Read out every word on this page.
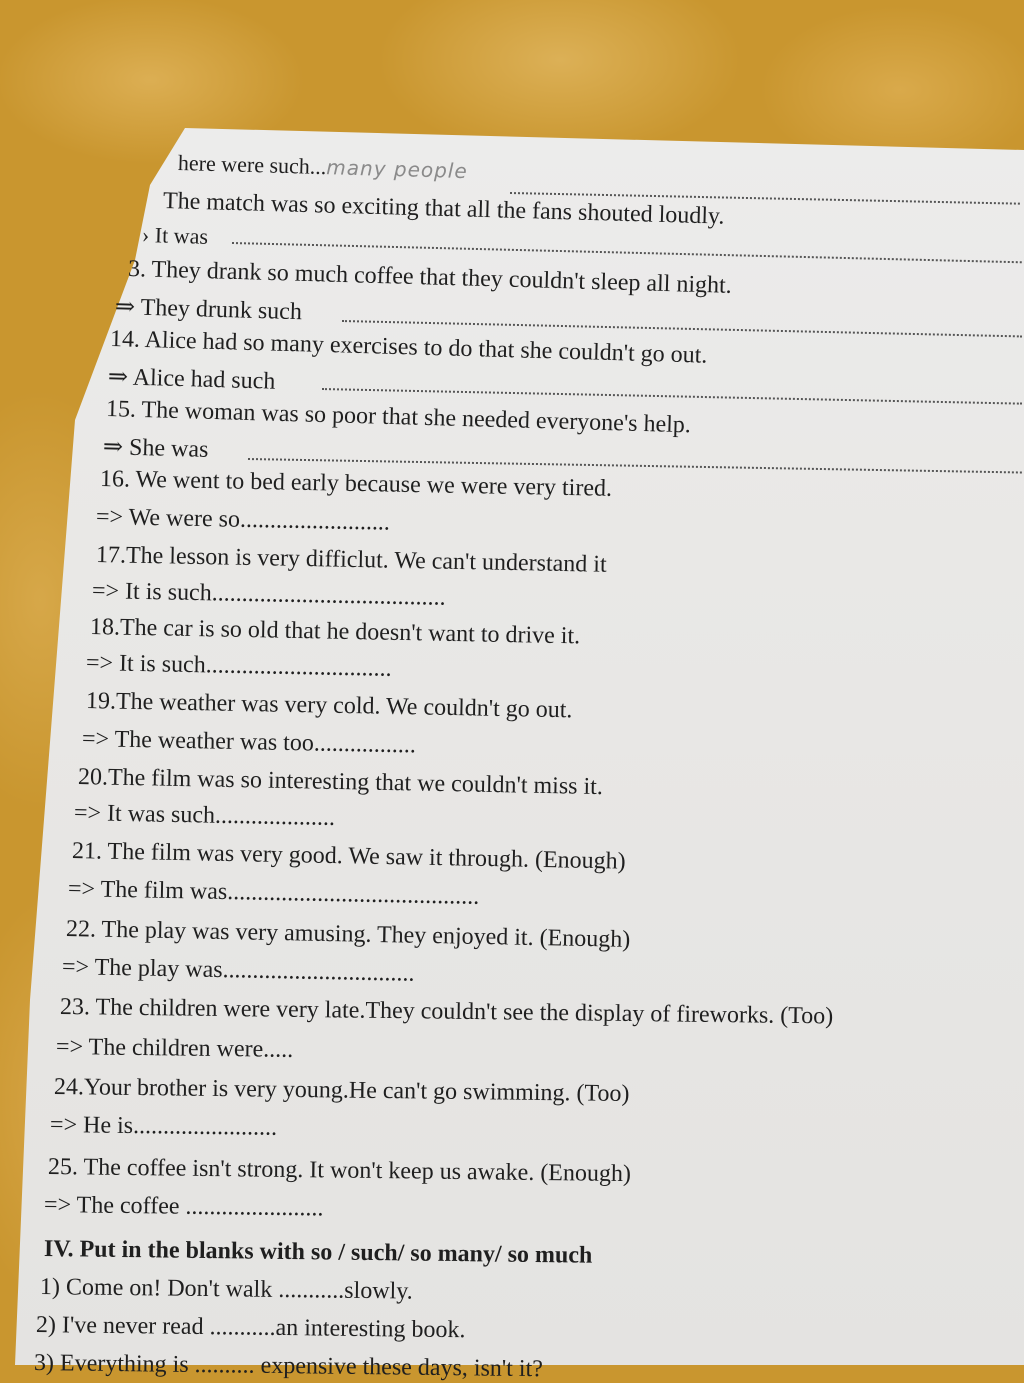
here were such...many people
The match was so exciting that all the fans shouted loudly.
› It was
3. They drank so much coffee that they couldn't sleep all night.
⇒ They drunk such
14. Alice had so many exercises to do that she couldn't go out.
⇒ Alice had such
15. The woman was so poor that she needed everyone's help.
⇒ She was
16. We went to bed early because we were very tired.
=> We were so.........................
17.The lesson is very difficlut. We can't understand it
=> It is such.......................................
18.The car is so old that he doesn't want to drive it.
=> It is such...............................
19.The weather was very cold. We couldn't go out.
=> The weather was too.................
20.The film was so interesting that we couldn't miss it.
=> It was such....................
21. The film was very good. We saw it through. (Enough)
=> The film was..........................................
22. The play was very amusing. They enjoyed it. (Enough)
=> The play was................................
23. The children were very late.They couldn't see the display of fireworks. (Too)
=> The children were.....
24.Your brother is very young.He can't go swimming. (Too)
=> He is........................
25. The coffee isn't strong. It won't keep us awake. (Enough)
=> The coffee .......................
IV. Put in the blanks with so / such/ so many/ so much
1) Come on! Don't walk ...........slowly.
2) I've never read ...........an interesting book.
3) Everything is .......... expensive these days, isn't it?
